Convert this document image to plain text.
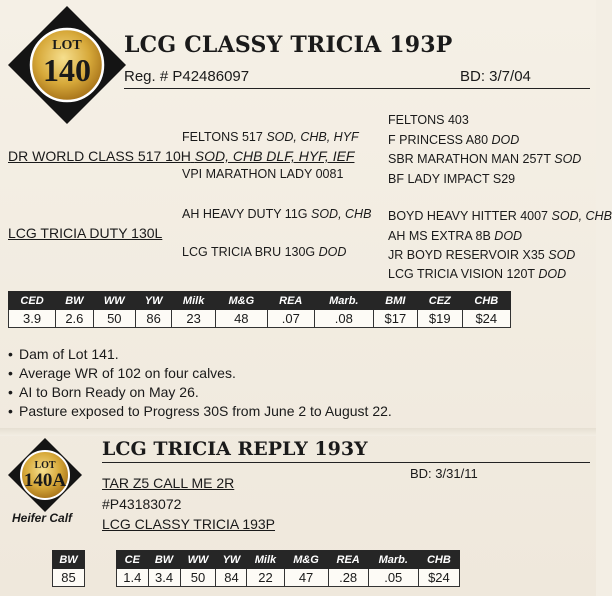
LOT
140
LCG CLASSY TRICIA 193P
Reg. # P42486097	BD: 3/7/04
FELTONS 403
FELTONS 517 SOD, CHB, HYF F PRINCESS A80 DOD
DR WORLD CLASS 517 10H SOD, CHB DLF, HYF, IEF	SBR MARATHON MAN 257T SOD
VPI MARATHON LADY 0081	BF LADY IMPACT S29
AH HEAVY DUTY 11G SOD, CHB BOYD HEAVY HITTER 4007 SOD, CHB
LCG TRICIA DUTY 130L	AH MS EXTRA 8B DOD
LCG TRICIA BRU 130G DOD	JR BOYD RESERVOIR X35 SOD
LCG TRICIA VISION 120T DOD
CED	BW	WW	YW	Milk	M&G	REA	Marb.	BMI	CEZ	CHB
3.9	2.6	50	86	23	48	.07	.08	$17	$19	$24
• Dam of Lot 141.
• Average WR of 102 on four calves.
• AI to Born Ready on May 26.
• Pasture exposed to Progress 30S from June 2 to August 22.
LOT
140A
Heifer Calf
LCG TRICIA REPLY 193Y
BD: 3/31/11
TAR Z5 CALL ME 2R
#P43183072
LCG CLASSY TRICIA 193P
BW
85
CE	BW	WW	YW	Milk	M&G	REA	Marb.	CHB
1.4	3.4	50	84	22	47	.28	.05	$24
